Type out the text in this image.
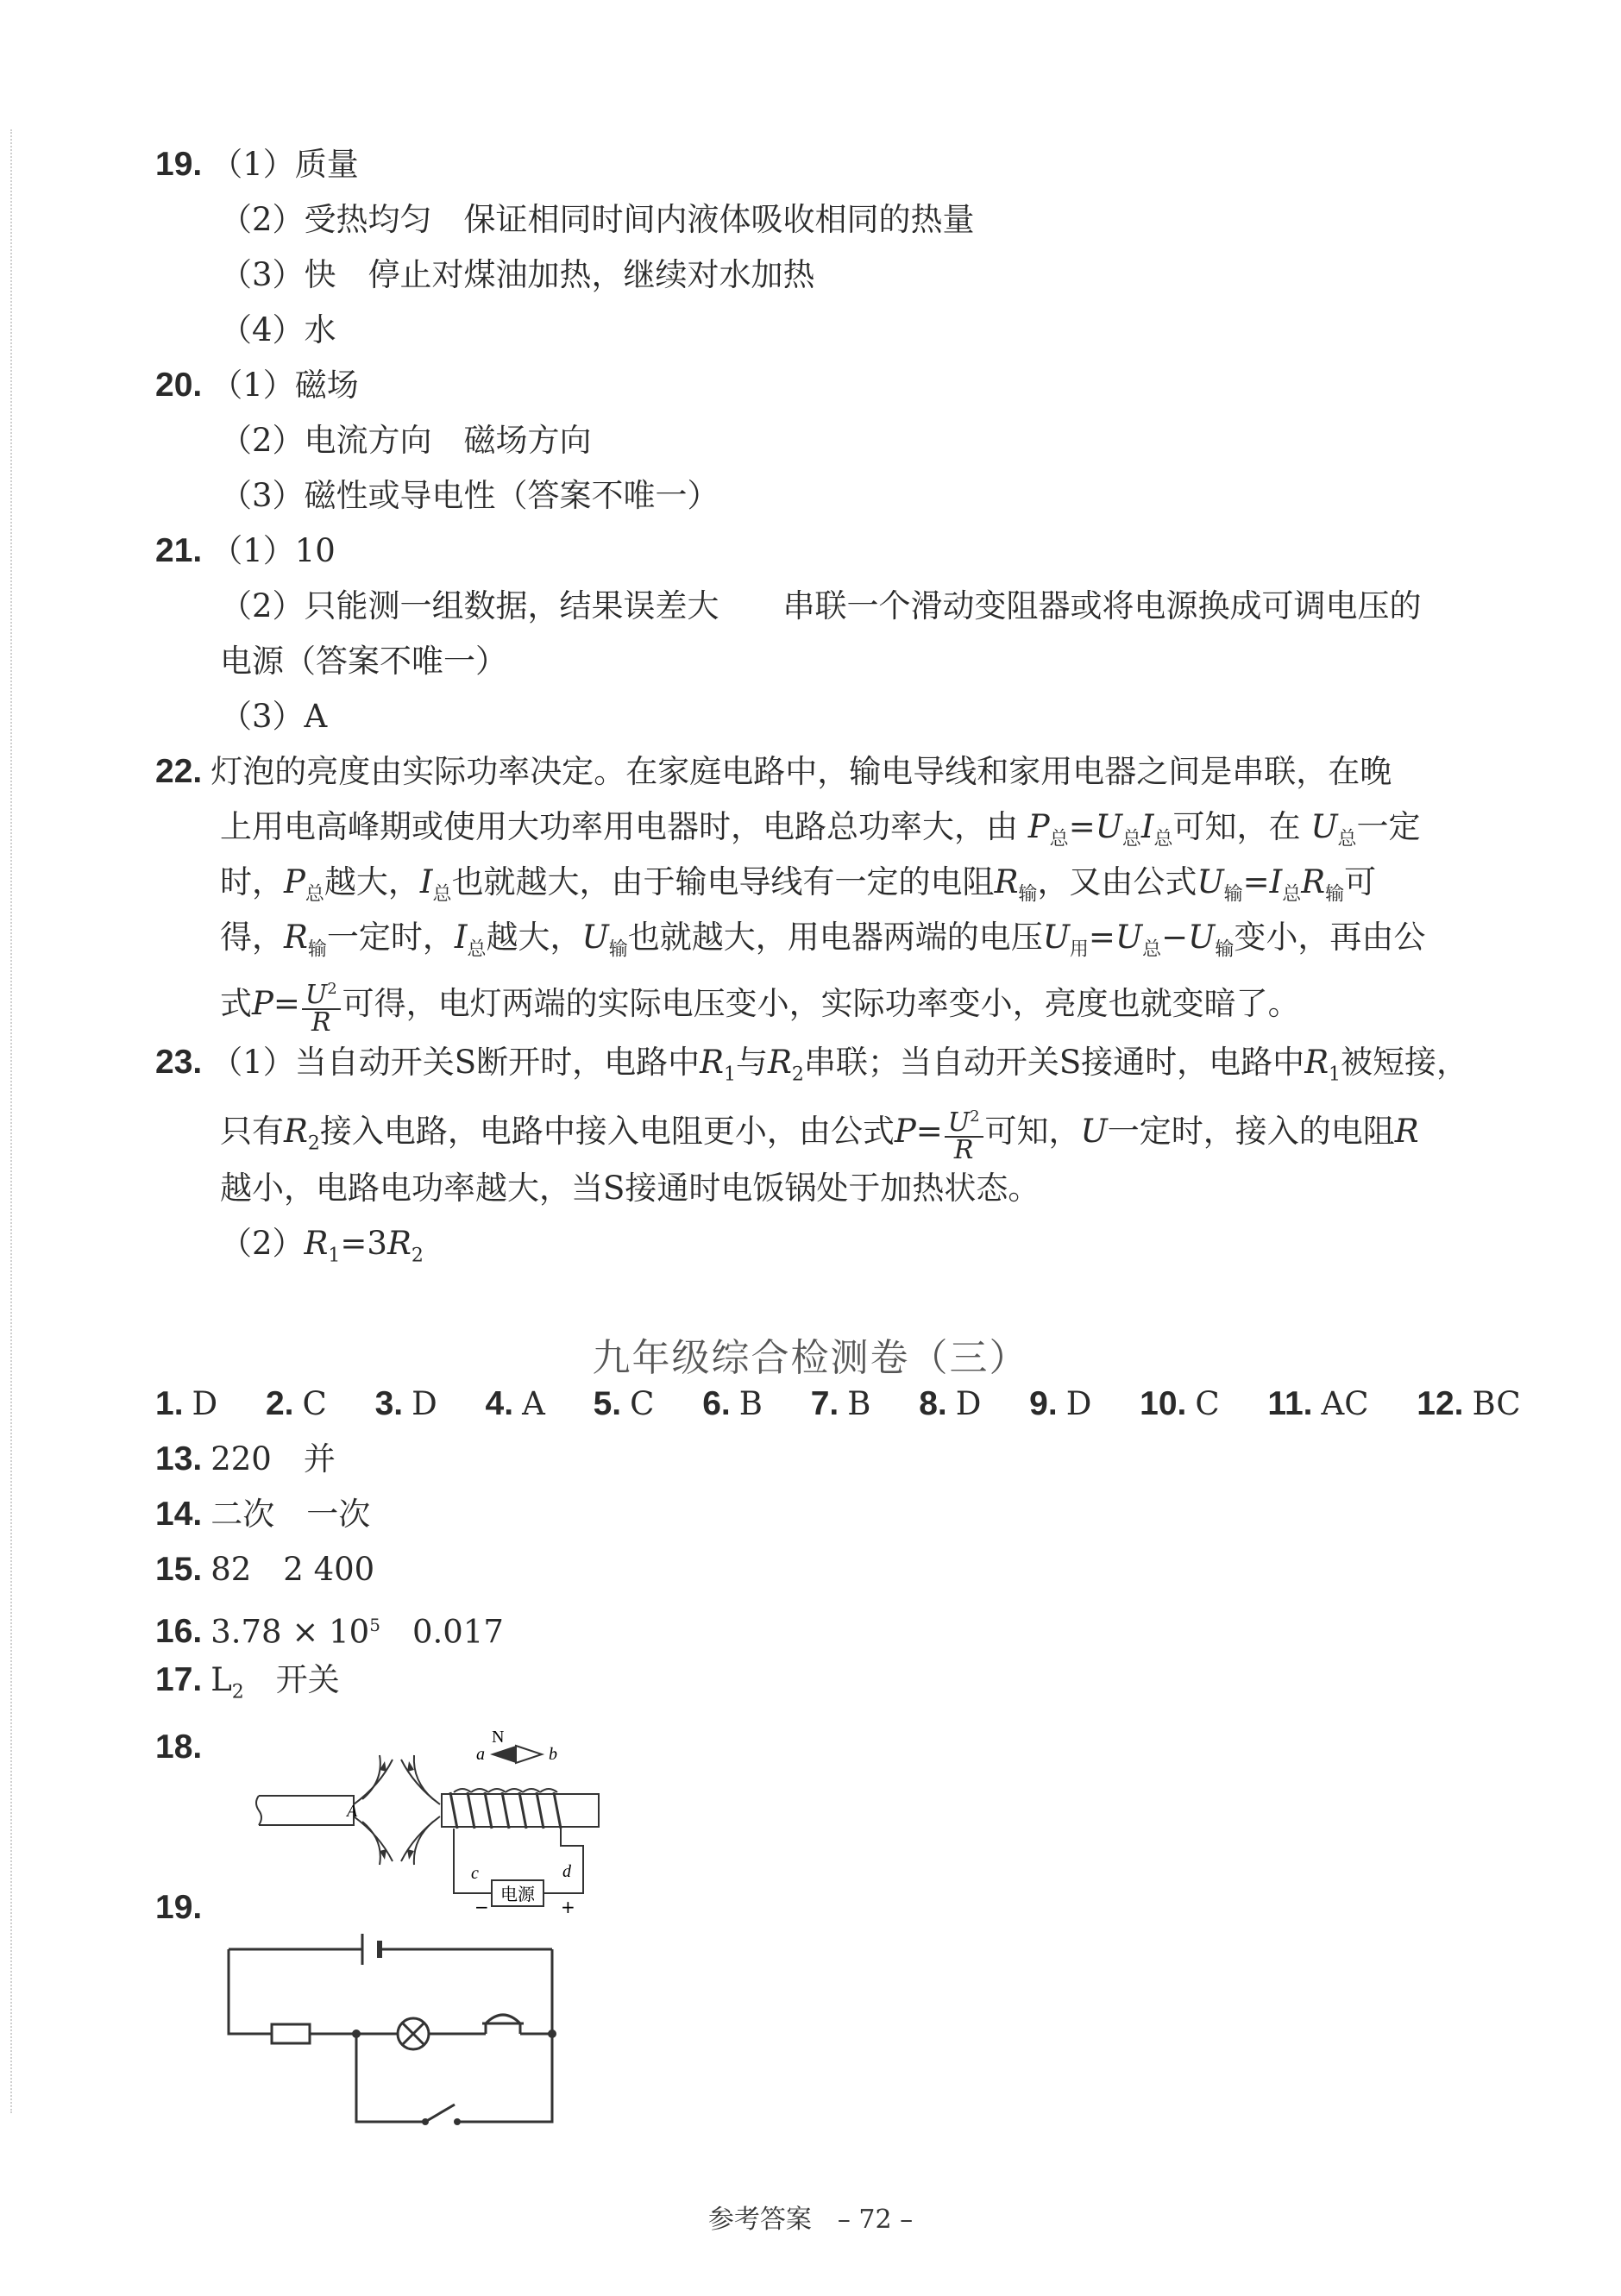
19. （1）质量
（2）受热均匀　保证相同时间内液体吸收相同的热量
（3）快　停止对煤油加热，继续对水加热
（4）水
20. （1）磁场
（2）电流方向　磁场方向
（3）磁性或导电性（答案不唯一）
21. （1）10
（2）只能测一组数据，结果误差大　　串联一个滑动变阻器或将电源换成可调电压的
电源（答案不唯一）
（3）A
22. 灯泡的亮度由实际功率决定。在家庭电路中，输电导线和家用电器之间是串联，在晚
上用电高峰期或使用大功率用电器时，电路总功率大，由 $P_总=U_总I_总$可知，在 $U_总$一定
时，$P_总$越大，$I_总$也就越大，由于输电导线有一定的电阻$R_输$，又由公式$U_输=I_总R_输$可
得，$R_输$一定时，$I_总$越大，$U_输$也就越大，用电器两端的电压$U_用=U_总-U_输$变小，再由公
式$P= \frac{U^2}{R}$ 可得，电灯两端的实际电压变小，实际功率变小，亮度也就变暗了。
23. （1）当自动开关S断开时，电路中$R_1$与$R_2$串联；当自动开关S接通时，电路中$R_1$被短接，
只有$R_2$接入电路，电路中接入电阻更小，由公式$P= \frac{U^2}{R}$ 可知，U一定时，接入的电阻R
越小，电路电功率越大，当S接通时电饭锅处于加热状态。
$(2)R_1=3R_2$
九年级综合检测卷（三）
1. D 2. C 3. D 4. A 5. C 6. B 7. B 8. D 9. D 10. C 11. AC 12. BC
13. 220　并
14. 二次　一次
15. 82　2 400
16. $3.78 \times 10^5$　0.017
17. $L_2$　开关
18.
A
电源
c	d
−	+
N
a	b
19.
参考答案　– 72 –
